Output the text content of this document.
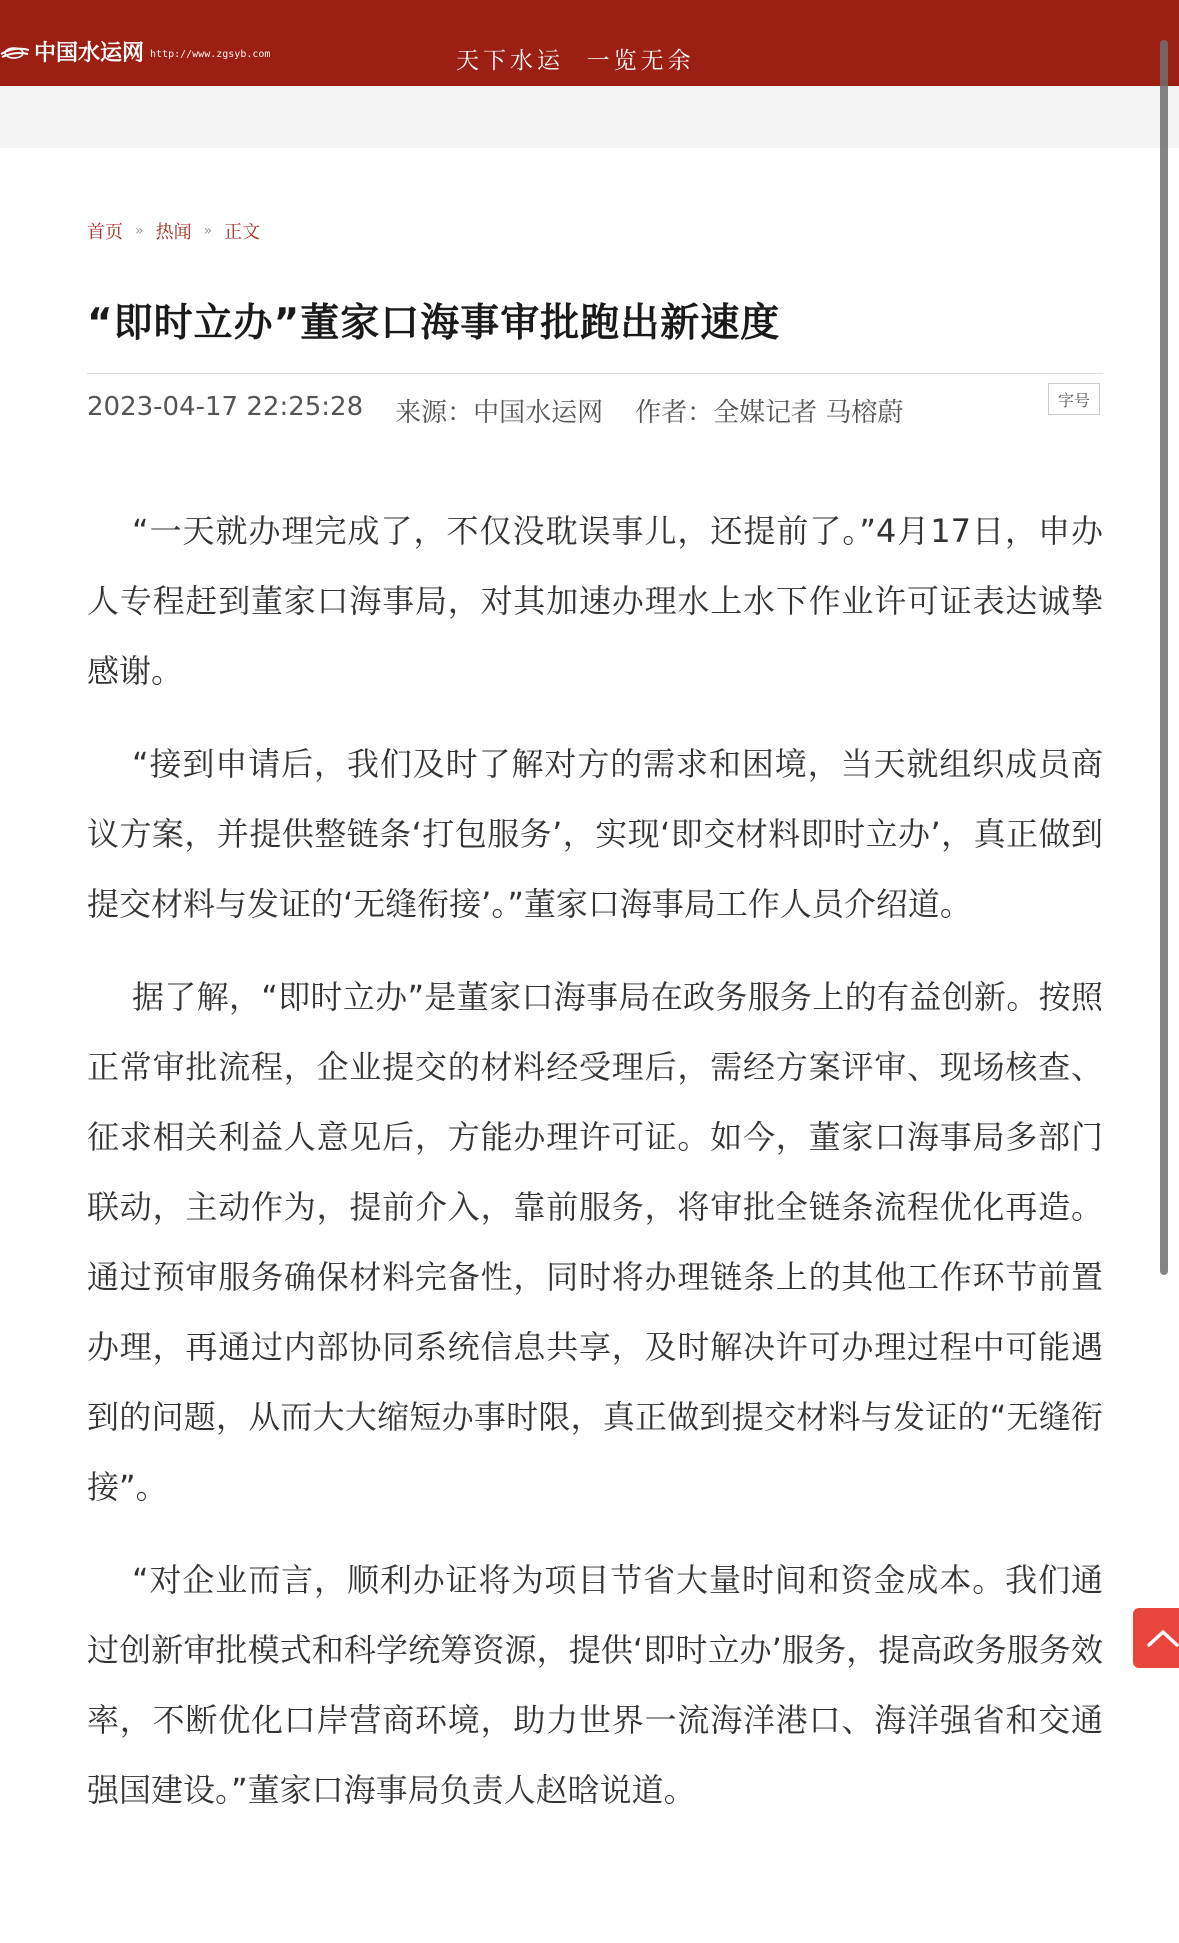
中国水运网 http://www.zgsyb.com	天下水运  一览无余
首页 » 热闻 » 正文
“即时立办”董家口海事审批跑出新速度
2023-04-17 22:25:28 来源：中国水运网 作者：全媒记者 马榕蔚	字号

“一天就办理完成了，不仅没耽误事儿，还提前了。”4月17日，申办人专程赶到董家口海事局，对其加速办理水上水下作业许可证表达诚挚感谢。

“接到申请后，我们及时了解对方的需求和困境，当天就组织成员商议方案，并提供整链条‘打包服务’，实现‘即交材料即时立办’，真正做到提交材料与发证的‘无缝衔接’。”董家口海事局工作人员介绍道。

据了解，“即时立办”是董家口海事局在政务服务上的有益创新。按照正常审批流程，企业提交的材料经受理后，需经方案评审、现场核查、征求相关利益人意见后，方能办理许可证。如今，董家口海事局多部门联动，主动作为，提前介入，靠前服务，将审批全链条流程优化再造。通过预审服务确保材料完备性，同时将办理链条上的其他工作环节前置办理，再通过内部协同系统信息共享，及时解决许可办理过程中可能遇到的问题，从而大大缩短办事时限，真正做到提交材料与发证的“无缝衔接”。

“对企业而言，顺利办证将为项目节省大量时间和资金成本。我们通过创新审批模式和科学统筹资源，提供‘即时立办’服务，提高政务服务效率，不断优化口岸营商环境，助力世界一流海洋港口、海洋强省和交通强国建设。”董家口海事局负责人赵晗说道。
